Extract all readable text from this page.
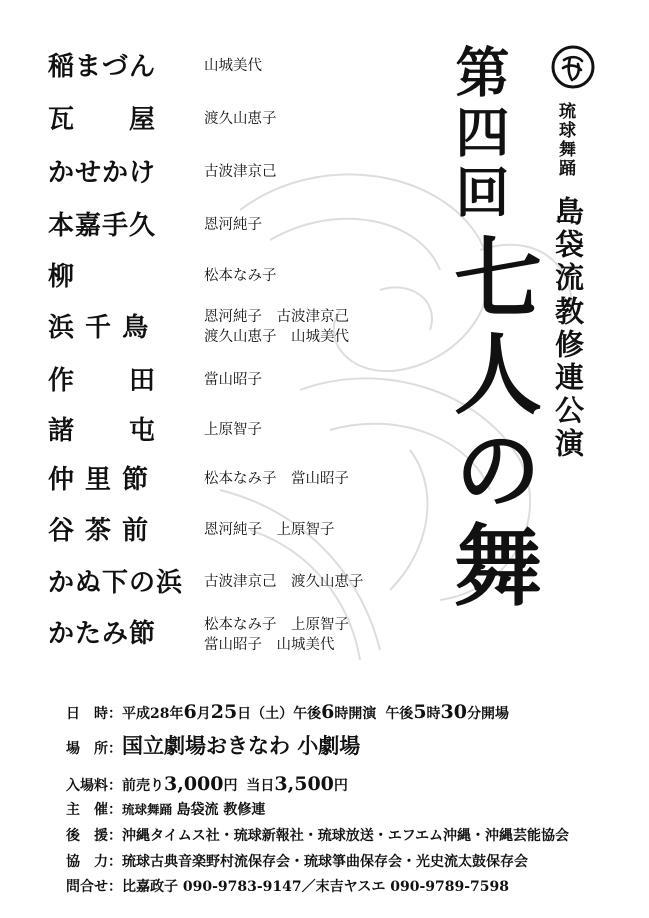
稲まづん	山城美代
瓦　　屋	渡久山恵子
かせかけ	古波津京己
本嘉手久	恩河純子
柳	松本なみ子
浜 千 鳥	恩河純子　古波津京己
渡久山恵子　山城美代
作　　田	當山昭子
諸　　屯	上原智子
仲 里 節	松本なみ子　當山昭子
谷 茶 前	恩河純子　上原智子
かぬ下の浜 古波津京己　渡久山恵子
かたみ節	松本なみ子　上原智子
當山昭子　山城美代
第四回
七人の舞
琉球舞踊
島袋流
教修連公演
日　時：平成28年6月25日（土）午後6時開演 午後5時30分開場
場　所：国立劇場おきなわ 小劇場
入場料：前売り3,000円 当日3,500円
主　催：琉球舞踊 島袋流 教修連
後　援：沖縄タイムス社・琉球新報社・琉球放送・エフエム沖縄・沖縄芸能協会
協　力：琉球古典音楽野村流保存会・琉球箏曲保存会・光史流太鼓保存会
問合せ：比嘉政子 090-9783-9147／末吉ヤスエ 090-9789-7598
